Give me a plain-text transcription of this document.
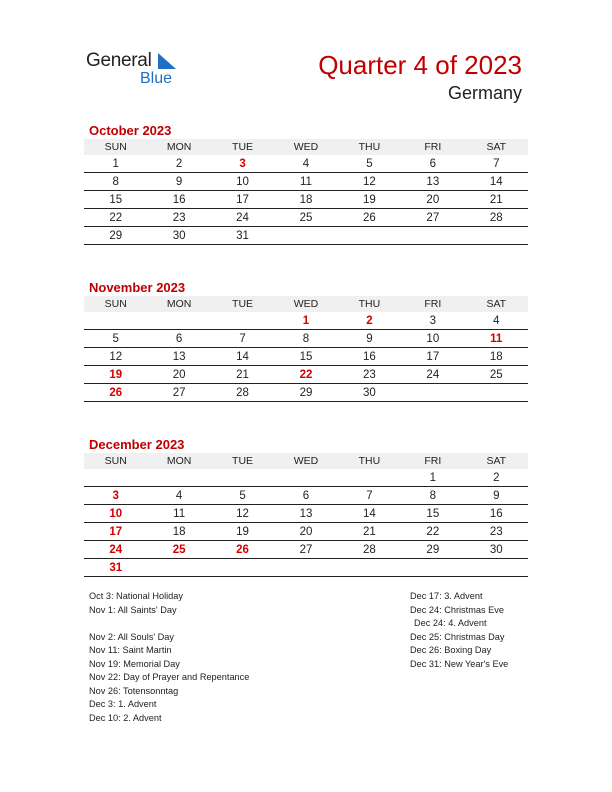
General
Blue	Quarter 4 of 2023
Germany
October 2023
SUN	MON	TUE	WED	THU	FRI	SAT
1	2	3	4	5	6	7
8	9	10	11	12	13	14
15	16	17	18	19	20	21
22	23	24	25	26	27	28
29	30	31				
November 2023
SUN	MON	TUE	WED	THU	FRI	SAT
			1	2	3	4
5	6	7	8	9	10	11
12	13	14	15	16	17	18
19	20	21	22	23	24	25
26	27	28	29	30		
December 2023
SUN	MON	TUE	WED	THU	FRI	SAT
					1	2
3	4	5	6	7	8	9
10	11	12	13	14	15	16
17	18	19	20	21	22	23
24	25	26	27	28	29	30
31						
Oct 3: National Holiday
Nov 1: All Saints' Day
Nov 2: All Souls' Day
Nov 11: Saint Martin
Nov 19: Memorial Day
Nov 22: Day of Prayer and Repentance
Nov 26: Totensonntag
Dec 3: 1. Advent
Dec 10: 2. Advent
Dec 17: 3. Advent
Dec 24: Christmas Eve
Dec 24: 4. Advent
Dec 25: Christmas Day
Dec 26: Boxing Day
Dec 31: New Year's Eve
